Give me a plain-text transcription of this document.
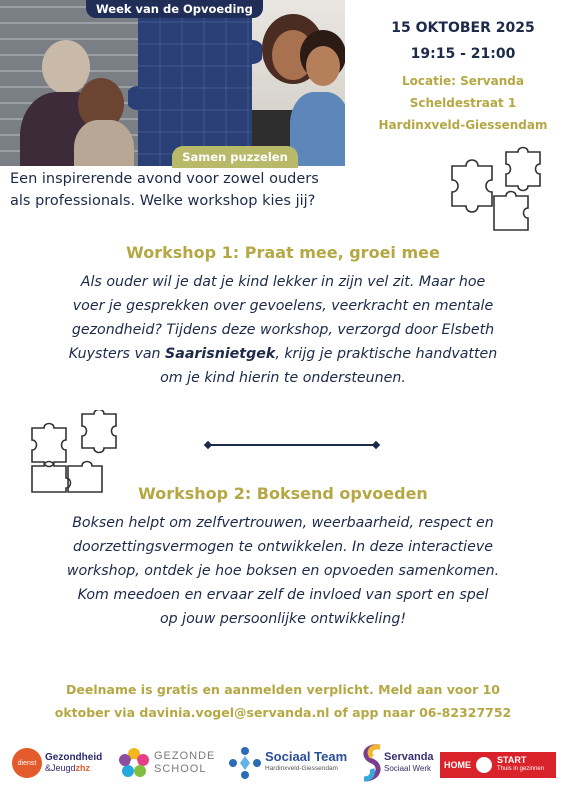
Week van de Opvoeding
Samen puzzelen
15 OKTOBER 2025
19:15 - 21:00
Locatie: Servanda
Scheldestraat 1
Hardinxveld-Giessendam
Een inspirerende avond voor zowel ouders
als professionals. Welke workshop kies jij?
Workshop 1: Praat mee, groei mee
Als ouder wil je dat je kind lekker in zijn vel zit. Maar hoe
voer je gesprekken over gevoelens, veerkracht en mentale
gezondheid? Tijdens deze workshop, verzorgd door Elsbeth
Kuysters van Saarisnietgek, krijg je praktische handvatten
om je kind hierin te ondersteunen.
Workshop 2: Boksend opvoeden
Boksen helpt om zelfvertrouwen, weerbaarheid, respect en
doorzettingsvermogen te ontwikkelen. In deze interactieve
workshop, ontdek je hoe boksen en opvoeden samenkomen.
Kom meedoen en ervaar zelf de invloed van sport en spel
op jouw persoonlijke ontwikkeling!
Deelname is gratis en aanmelden verplicht. Meld aan voor 10
oktober via davinia.vogel@servanda.nl of app naar 06-82327752
dienst Gezondheid
&Jeugdzhz
GEZONDE
SCHOOL
Sociaal Team
Hardinxveld-Giessendam
Servanda
Sociaal Werk HOME	START
Thuis in gezinnen
